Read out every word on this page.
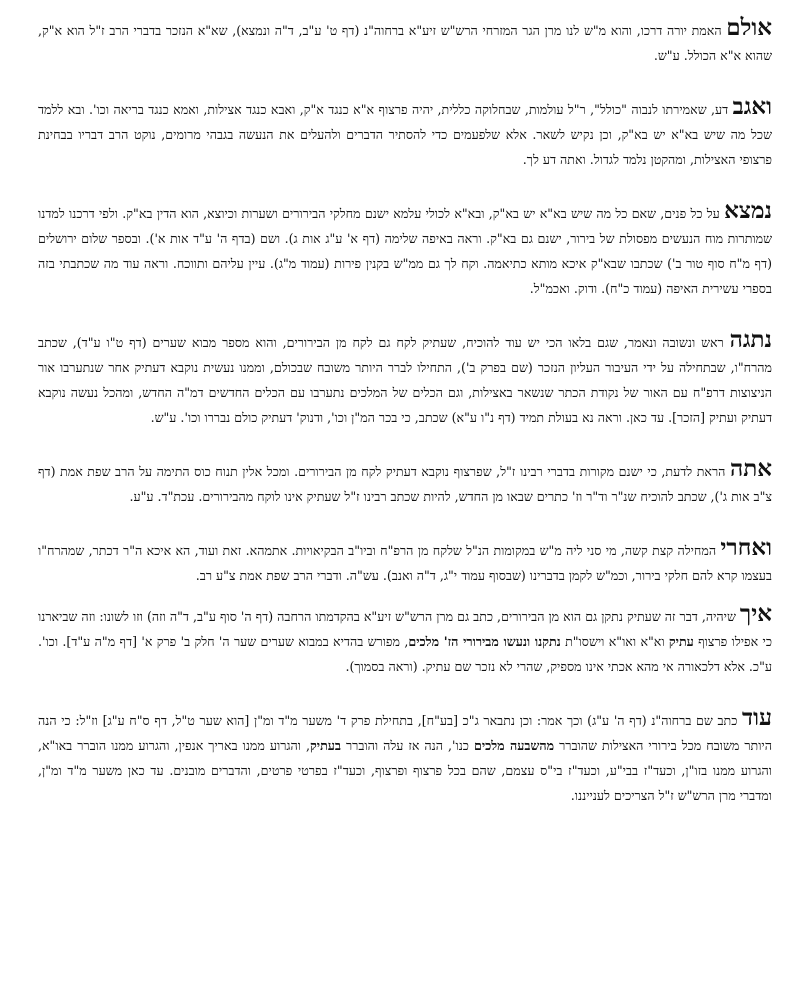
אולם האמת יורה דרכו, והוא מ"ש לנו מרן הגר המזרחי הרש"ש זיע"א ברחוה"נ (דף ט' ע"ב, ד"ה ונמצא), שא"א הנזכר בדברי הרב ז"ל הוא א"ק, שהוא א"א הכולל. ע"ש.

ואגב דע, שאמירתו לנבוה "כולל", ר"ל עולמות, שבחלוקה כללית, יהיה פרצוף א"א כנגד א"ק, ואבא כנגד אצילות, ואמא כנגד בריאה וכו'. ובא ללמד שכל מה שיש בא"א יש בא"ק, וכן נקיש לשאר. אלא שלפעמים כדי להסתיר הדברים ולהעלים את הנעשה בגבהי מרומים, נוקט הרב דבריו בבחינת פרצופי האצילות, ומהקטן נלמד לגדול. ואתה דע לך.

נמצא על כל פנים, שאם כל מה שיש בא"א יש בא"ק, ובא"א לכולי עלמא ישנם מחלקי הבירורים ושערות וכיוצא, הוא הדין בא"ק. ולפי דרכנו למדנו שמותרות מוח הנעשים מפסולת של בירור, ישנם גם בא"ק. וראה באיפה שלימה (דף א' ע"ג אות ג). ושם (בדף ה' ע"ד אות א'). ובספר שלום ירושלים (דף מ"ח סוף טור ב') שכתבו שבא"ק איכא מותא כתיאמה. וקח לך גם ממ"ש בקנין פירות (עמוד מ"ג). עיין עליהם ותווכח. וראה עוד מה שכתבתי בזה בספרי עשירית האיפה (עמוד כ"ח). ודוק. ואכמ"ל.

נתגה ראש ונשובה ונאמר, שגם בלאו הכי יש עוד להוכיח, שעתיק לקח גם לקח מן הבירורים, והוא מספר מבוא שערים (דף ט"ו ע"ד), שכתב מהרח"ו, שבתחילה על ידי העיבור העליון הנזכר (שם בפרק ב'), התחילו לברר היותר משובח שבכולם, וממנו נעשית נוקבא דעתיק אחר שנתערבו אור הניצוצות דרפ"ח עם האור של נקודת הכתר שנשאר באצילות, וגם הכלים של המלכים נתערבו עם הכלים החדשים דמ"ה החדש, ומהכל נעשה נוקבא דעתיק ועתיק [הזכר]. עד כאן. וראה נא בעולת תמיד (דף נ"ו ע"א) שכתב, כי בכר המ"ן וכו', ודנוק' דעתיק כולם נבררו וכו'. ע"ש.

אתה הראת לדעת, כי ישנם מקורות בדברי רבינו ז"ל, שפרצוף נוקבא דעתיק לקח מן הבירורים. ומכל אלין תנוח כוס התימה על הרב שפת אמת (דף צ"ב אות ג'), שכתב להוכיח שנ"ר וד"ר וז' כתרים שבאו מן החדש, להיות שכתב רבינו ז"ל שעתיק אינו לוקח מהבירורים. עכת"ד. ע"ע.

ואחרי המחילה קצת קשה, מי סני ליה מ"ש במקומות הנ"ל שלקח מן הרפ"ח וביו"ב הבקיאויות. אתמהא. זאת ועוד, הא איכא ה"ר דכתר, שמהרח"ו בעצמו קרא להם חלקי בירור, וכמ"ש לקמן בדברינו (שבסוף עמוד י"ג, ד"ה ואנב). עש"ה. ודברי הרב שפת אמת צ"ע רב.

איך שיהיה, דבר זה שעתיק נתקן גם הוא מן הבירורים, כתב גם מרן הרש"ש זיע"א בהקדמתו הרחבה (דף ה' סוף ע"ב, ד"ה וזה) וזו לשונו: וזה שביארנו כי אפילו פרצוף עתיק וא"א ואו"א וישסו"ת נתקנו ונעשו מבירורי הז' מלכים, מפורש בהדיא במבוא שערים שער ה' חלק ב' פרק א' [דף מ"ה ע"ד]. וכו'. ע"כ. אלא דלכאורה אי מהא אכתי אינו מספיק, שהרי לא נזכר שם עתיק. (וראה בסמוך).

עוד כתב שם ברחוה"נ (דף ה' ע"ג) וכך אמר: וכן נתבאר ג"כ [בע"ח], בתחילת פרק ד' משער מ"ד ומ"ן [הוא שער ט"ל, דף ס"ח ע"ג] וז"ל: כי הנה היותר משובח מכל בירורי האצילות שהוברר מהשבעה מלכים כנו', הנה אז עלה והוברר בעתיק, והגרוע ממנו באריך אנפין, והגרוע ממנו הוברר באו"א, והגרוע ממנו בזו"ן, וכעד"ז בבי"ע, וכעד"ז בי"ס עצמם, שהם בכל פרצוף ופרצוף, וכעד"ז בפרטי פרטים, והדברים מובנים. עד כאן משער מ"ד ומ"ן, ומדברי מרן הרש"ש ז"ל הצריכים לענייננו.
